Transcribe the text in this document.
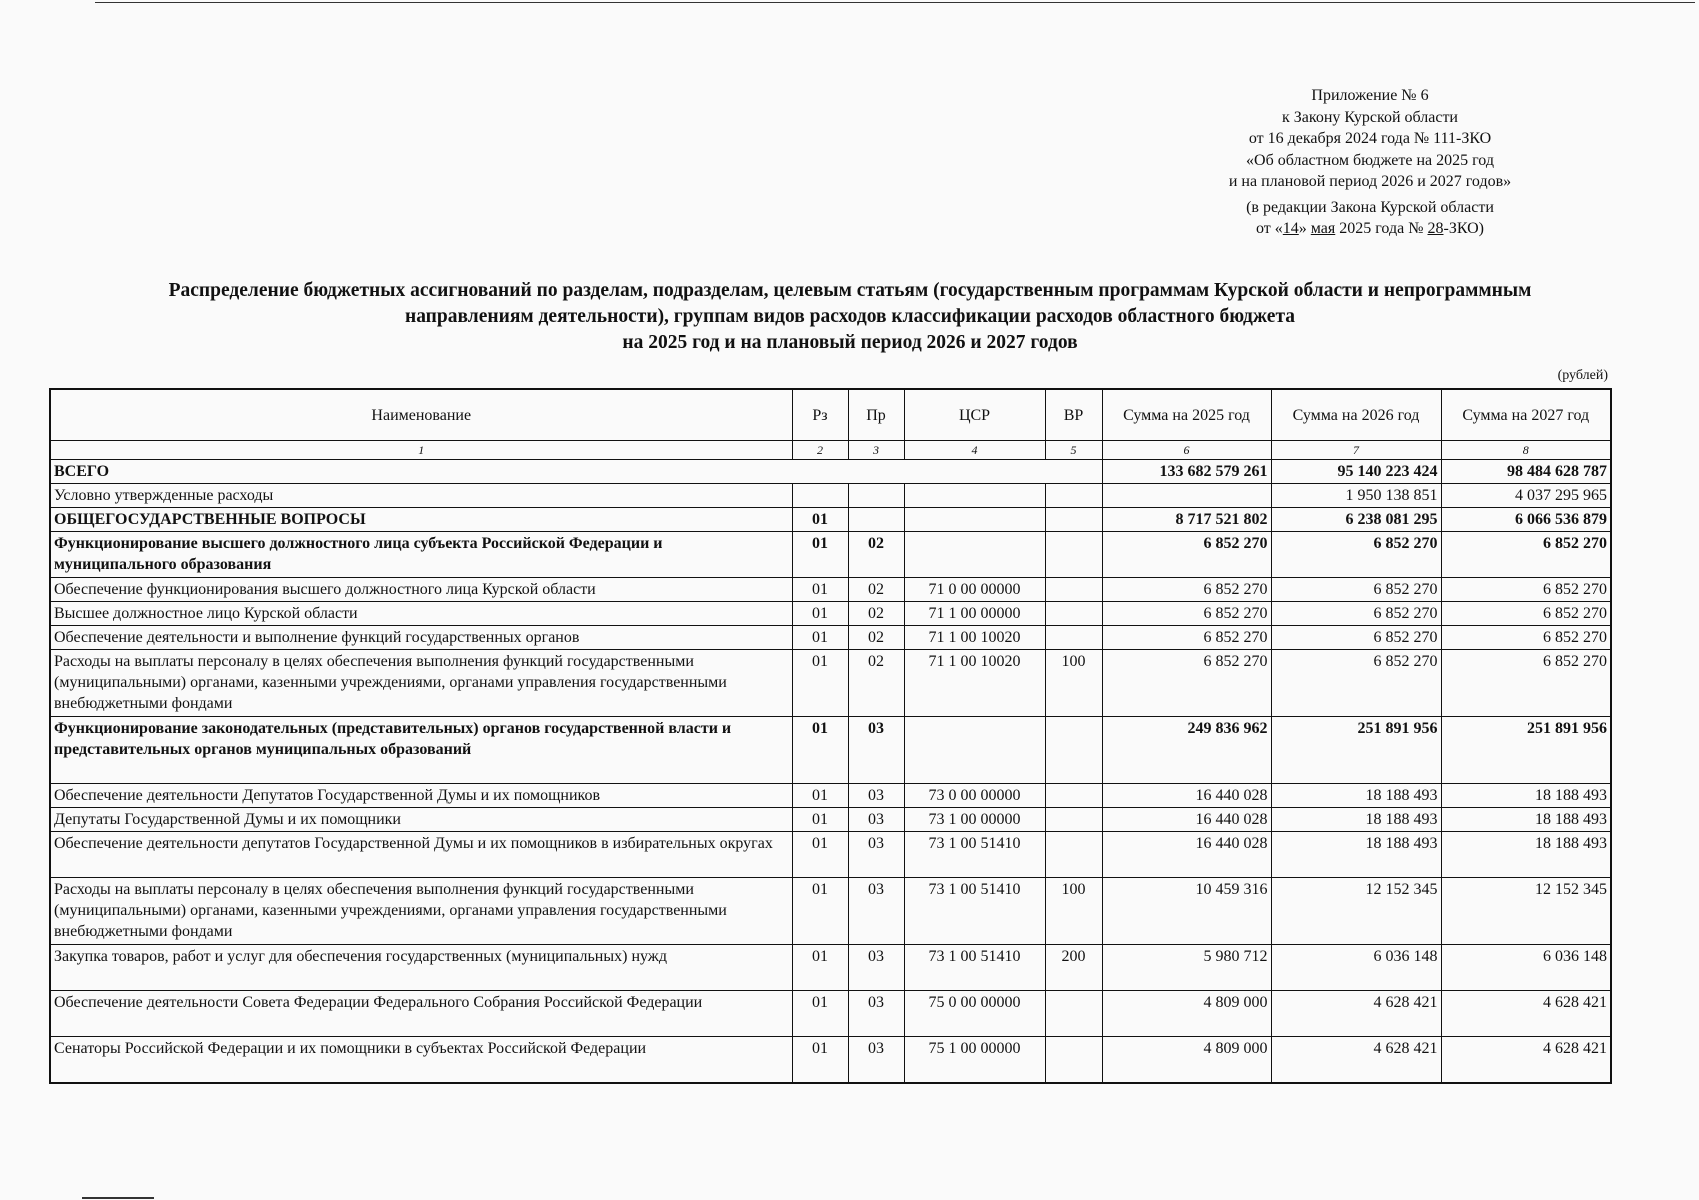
Приложение № 6
к Закону Курской области
от 16 декабря 2024 года № 111-ЗКО
«Об областном бюджете на 2025 год
и на плановой период 2026 и 2027 годов»
(в редакции Закона Курской области
от «14» мая 2025 года № 28-ЗКО)
Распределение бюджетных ассигнований по разделам, подразделам, целевым статьям (государственным программам Курской области и непрограммным
направлениям деятельности), группам видов расходов классификации расходов областного бюджета
на 2025 год и на плановый период 2026 и 2027 годов
(рублей)
Наименование	Рз	Пр	ЦСР	ВР	Сумма на 2025 год	Сумма на 2026 год	Сумма на 2027 год
1	2	3	4	5	6	7	8
ВСЕГО					133 682 579 261	95 140 223 424	98 484 628 787
Условно утвержденные расходы						1 950 138 851	4 037 295 965
ОБЩЕГОСУДАРСТВЕННЫЕ ВОПРОСЫ	01				8 717 521 802	6 238 081 295	6 066 536 879
Функционирование высшего должностного лица субъекта Российской Федерации и муниципального образования	01	02			6 852 270	6 852 270	6 852 270
Обеспечение функционирования высшего должностного лица Курской области	01	02	71 0 00 00000		6 852 270	6 852 270	6 852 270
Высшее должностное лицо Курской области	01	02	71 1 00 00000		6 852 270	6 852 270	6 852 270
Обеспечение деятельности и выполнение функций государственных органов	01	02	71 1 00 10020		6 852 270	6 852 270	6 852 270
Расходы на выплаты персоналу в целях обеспечения выполнения функций государственными (муниципальными) органами, казенными учреждениями, органами управления государственными внебюджетными фондами	01	02	71 1 00 10020	100	6 852 270	6 852 270	6 852 270
Функционирование законодательных (представительных) органов государственной власти и представительных органов муниципальных образований	01	03			249 836 962	251 891 956	251 891 956
Обеспечение деятельности Депутатов Государственной Думы и их помощников	01	03	73 0 00 00000		16 440 028	18 188 493	18 188 493
Депутаты Государственной Думы и их помощники	01	03	73 1 00 00000		16 440 028	18 188 493	18 188 493
Обеспечение деятельности депутатов Государственной Думы и их помощников в избирательных округах	01	03	73 1 00 51410		16 440 028	18 188 493	18 188 493
Расходы на выплаты персоналу в целях обеспечения выполнения функций государственными (муниципальными) органами, казенными учреждениями, органами управления государственными внебюджетными фондами	01	03	73 1 00 51410	100	10 459 316	12 152 345	12 152 345
Закупка товаров, работ и услуг для обеспечения государственных (муниципальных) нужд	01	03	73 1 00 51410	200	5 980 712	6 036 148	6 036 148
Обеспечение деятельности Совета Федерации Федерального Собрания Российской Федерации	01	03	75 0 00 00000		4 809 000	4 628 421	4 628 421
Сенаторы Российской Федерации и их помощники в субъектах Российской Федерации	01	03	75 1 00 00000		4 809 000	4 628 421	4 628 421
